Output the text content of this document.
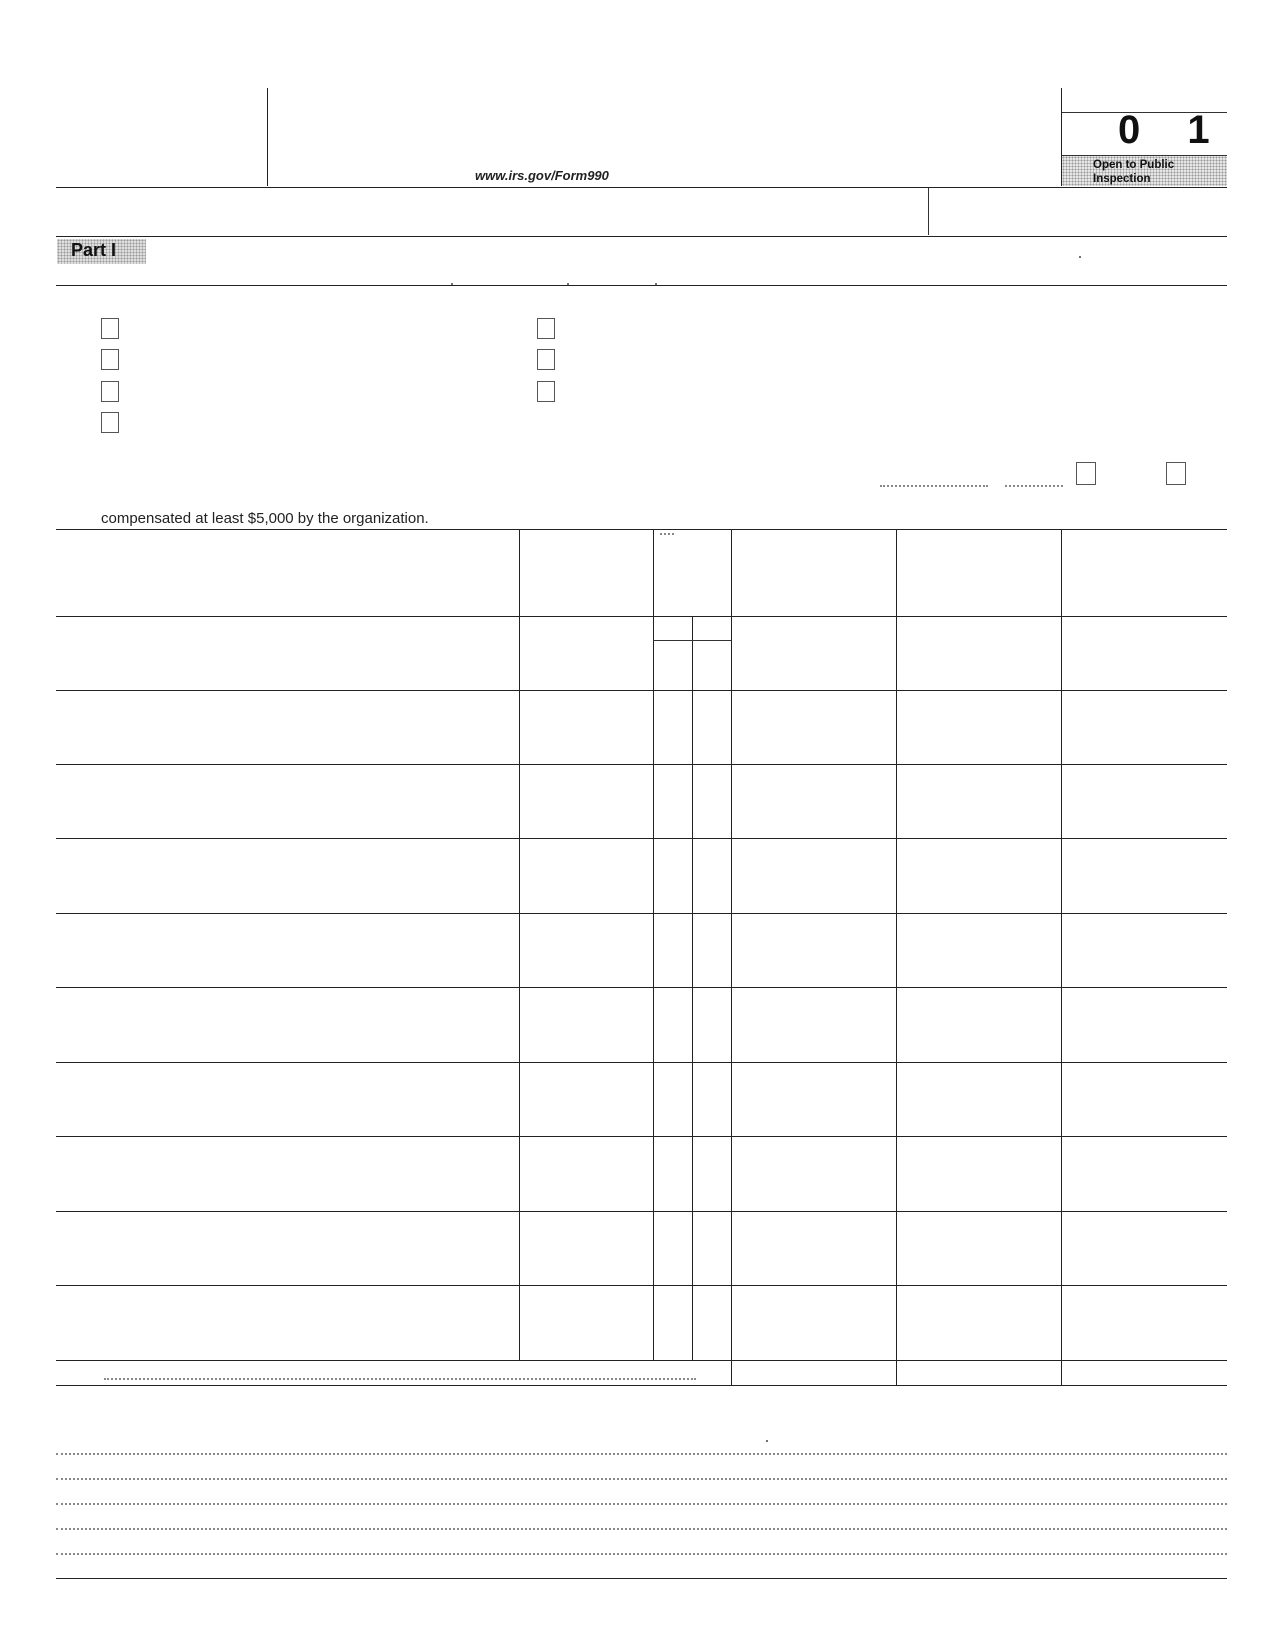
www.irs.gov/Form990
0 1
Open to Public Inspection
Part I
compensated at least $5,000 by the organization.
